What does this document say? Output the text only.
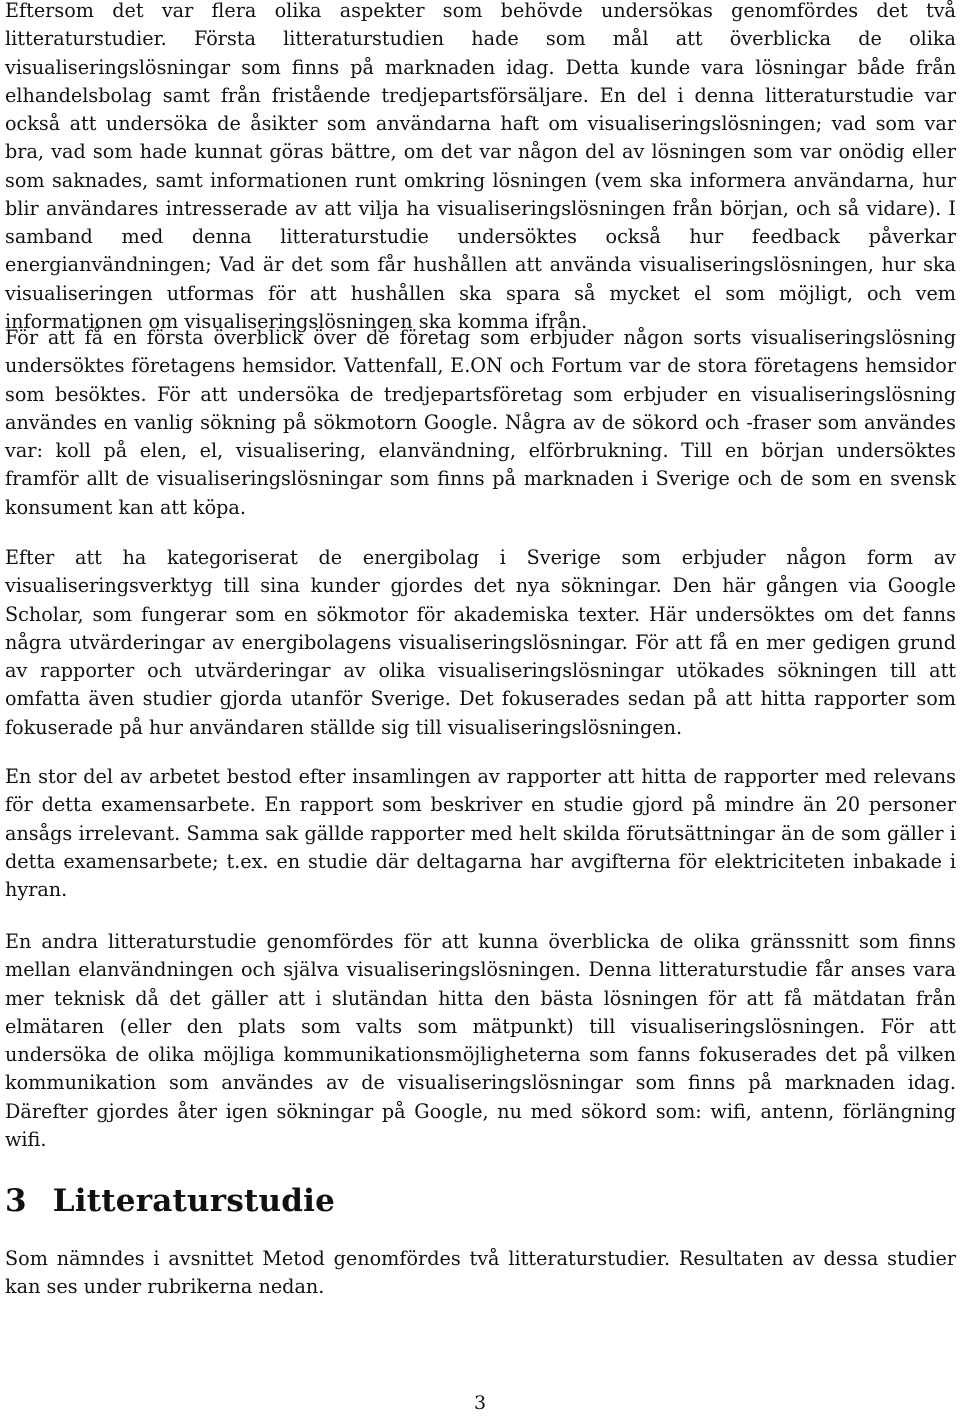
Eftersom det var flera olika aspekter som behövde undersökas genomfördes det två litteraturstudier. Första litteraturstudien hade som mål att överblicka de olika visualiseringslösningar som finns på marknaden idag. Detta kunde vara lösningar både från elhandelsbolag samt från fristående tredjepartsförsäljare. En del i denna litteraturstudie var också att undersöka de åsikter som användarna haft om visualiseringslösningen; vad som var bra, vad som hade kunnat göras bättre, om det var någon del av lösningen som var onödig eller som saknades, samt informationen runt omkring lösningen (vem ska informera användarna, hur blir användares intresserade av att vilja ha visualiseringslösningen från början, och så vidare). I samband med denna litteraturstudie undersöktes också hur feedback påverkar energianvändningen; Vad är det som får hushållen att använda visualiseringslösningen, hur ska visualiseringen utformas för att hushållen ska spara så mycket el som möjligt, och vem informationen om visualiseringslösningen ska komma ifrån.

För att få en första överblick över de företag som erbjuder någon sorts visualiseringslösning undersöktes företagens hemsidor. Vattenfall, E.ON och Fortum var de stora företagens hemsidor som besöktes. För att undersöka de tredjepartsföretag som erbjuder en visualiseringslösning användes en vanlig sökning på sökmotorn Google. Några av de sökord och -fraser som användes var: koll på elen, el, visualisering, elanvändning, elförbrukning. Till en början undersöktes framför allt de visualiseringslösningar som finns på marknaden i Sverige och de som en svensk konsument kan att köpa.

Efter att ha kategoriserat de energibolag i Sverige som erbjuder någon form av visualiseringsverktyg till sina kunder gjordes det nya sökningar. Den här gången via Google Scholar, som fungerar som en sökmotor för akademiska texter. Här undersöktes om det fanns några utvärderingar av energibolagens visualiseringslösningar. För att få en mer gedigen grund av rapporter och utvärderingar av olika visualiseringslösningar utökades sökningen till att omfatta även studier gjorda utanför Sverige. Det fokuserades sedan på att hitta rapporter som fokuserade på hur användaren ställde sig till visualiseringslösningen.

En stor del av arbetet bestod efter insamlingen av rapporter att hitta de rapporter med relevans för detta examensarbete. En rapport som beskriver en studie gjord på mindre än 20 personer ansågs irrelevant. Samma sak gällde rapporter med helt skilda förutsättningar än de som gäller i detta examensarbete; t.ex. en studie där deltagarna har avgifterna för elektriciteten inbakade i hyran.

En andra litteraturstudie genomfördes för att kunna överblicka de olika gränssnitt som finns mellan elanvändningen och själva visualiseringslösningen. Denna litteraturstudie får anses vara mer teknisk då det gäller att i slutändan hitta den bästa lösningen för att få mätdatan från elmätaren (eller den plats som valts som mätpunkt) till visualiseringslösningen. För att undersöka de olika möjliga kommunikationsmöjligheterna som fanns fokuserades det på vilken kommunikation som användes av de visualiseringslösningar som finns på marknaden idag. Därefter gjordes åter igen sökningar på Google, nu med sökord som: wifi, antenn, förlängning wifi.

3 Litteraturstudie

Som nämndes i avsnittet Metod genomfördes två litteraturstudier. Resultaten av dessa studier kan ses under rubrikerna nedan.

3
